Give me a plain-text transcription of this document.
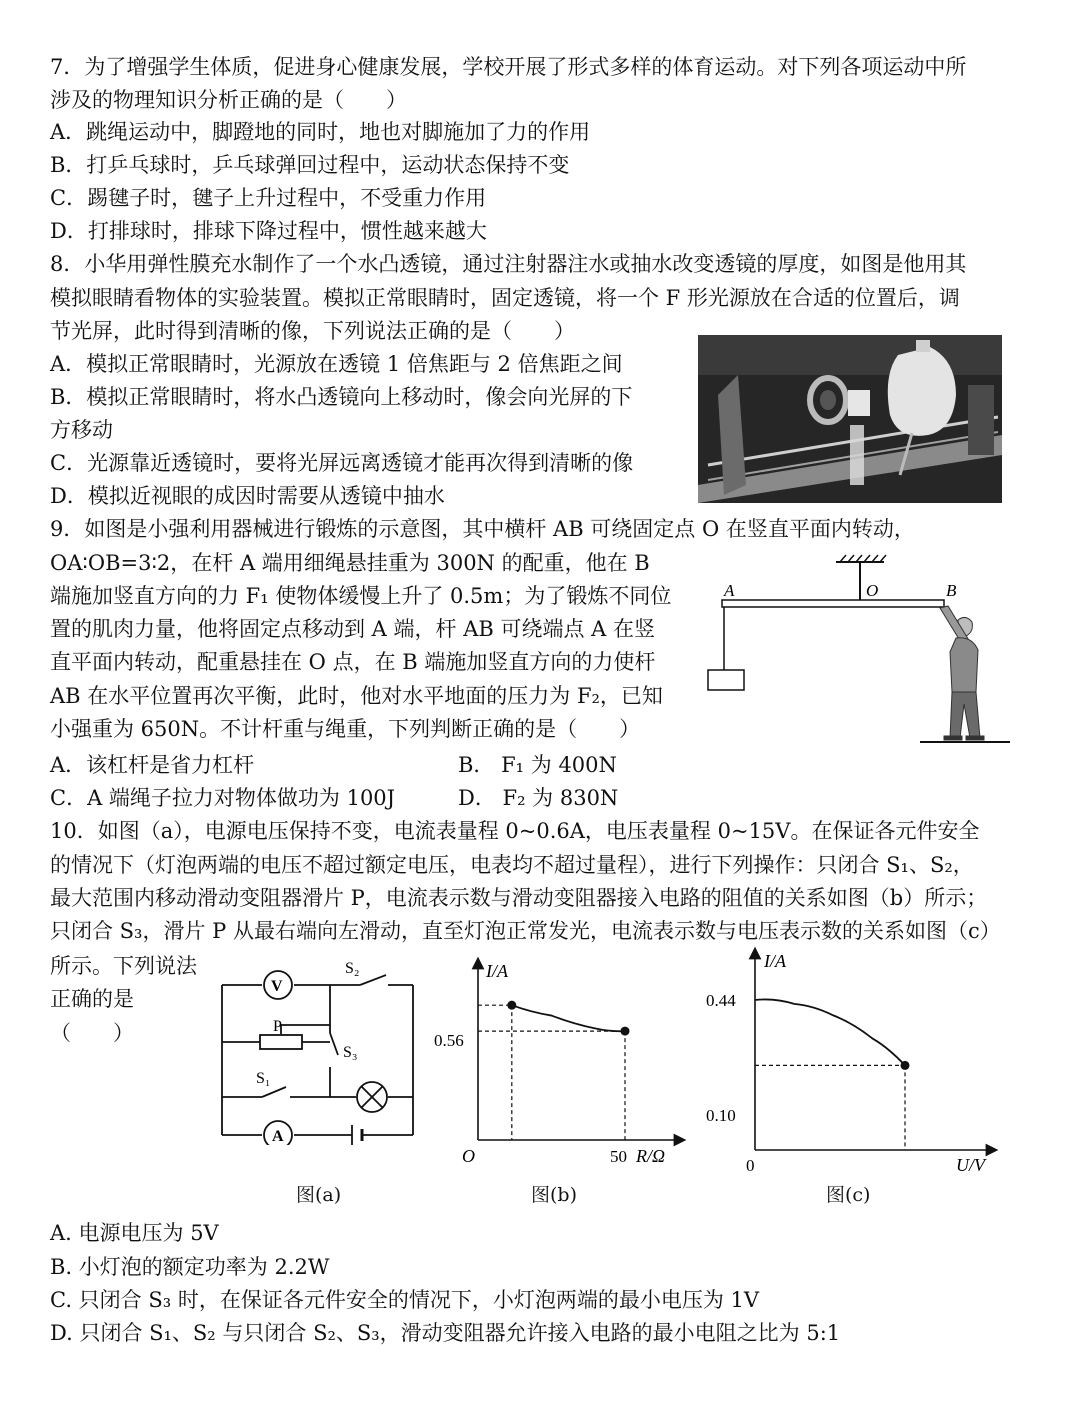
7．为了增强学生体质，促进身心健康发展，学校开展了形式多样的体育运动。对下列各项运动中所
涉及的物理知识分析正确的是（　　）
A．跳绳运动中，脚蹬地的同时，地也对脚施加了力的作用
B．打乒乓球时，乒乓球弹回过程中，运动状态保持不变
C．踢毽子时，毽子上升过程中，不受重力作用
D．打排球时，排球下降过程中，惯性越来越大
8．小华用弹性膜充水制作了一个水凸透镜，通过注射器注水或抽水改变透镜的厚度，如图是他用其
模拟眼睛看物体的实验装置。模拟正常眼睛时，固定透镜，将一个 F 形光源放在合适的位置后，调
节光屏，此时得到清晰的像，下列说法正确的是（　　）
A．模拟正常眼睛时，光源放在透镜 1 倍焦距与 2 倍焦距之间
B．模拟正常眼睛时，将水凸透镜向上移动时，像会向光屏的下
方移动
C．光源靠近透镜时，要将光屏远离透镜才能再次得到清晰的像
D．模拟近视眼的成因时需要从透镜中抽水
9．如图是小强利用器械进行锻炼的示意图，其中横杆 AB 可绕固定点 O 在竖直平面内转动，
OA∶OB=3∶2，在杆 A 端用细绳悬挂重为 300N 的配重，他在 B
端施加竖直方向的力 F₁ 使物体缓慢上升了 0.5m；为了锻炼不同位
置的肌肉力量，他将固定点移动到 A 端，杆 AB 可绕端点 A 在竖
直平面内转动，配重悬挂在 O 点，在 B 端施加竖直方向的力使杆
AB 在水平位置再次平衡，此时，他对水平地面的压力为 F₂，已知
小强重为 650N。不计杆重与绳重，下列判断正确的是（　　）
A．该杠杆是省力杠杆	B． F₁ 为 400N
C．A 端绳子拉力对物体做功为 100J	D． F₂ 为 830N
A	O	B
10．如图（a），电源电压保持不变，电流表量程 0~0.6A，电压表量程 0~15V。在保证各元件安全
的情况下（灯泡两端的电压不超过额定电压，电表均不超过量程），进行下列操作：只闭合 S₁、S₂，
最大范围内移动滑动变阻器滑片 P，电流表示数与滑动变阻器接入电路的阻值的关系如图（b）所示；
只闭合 S₃，滑片 P 从最右端向左滑动，直至灯泡正常发光，电流表示数与电压表示数的关系如图（c）
所示。下列说法
正确的是
（　　）
V
A
S₂
P
S₃
S₁
图(a)
I/A
O
0.56
50 R/Ω
图(b)
I/A
0
0.44
0.10
U/V
图(c)
A. 电源电压为 5V
B. 小灯泡的额定功率为 2.2W
C. 只闭合 S₃ 时，在保证各元件安全的情况下，小灯泡两端的最小电压为 1V
D. 只闭合 S₁、S₂ 与只闭合 S₂、S₃，滑动变阻器允许接入电路的最小电阻之比为 5:1
